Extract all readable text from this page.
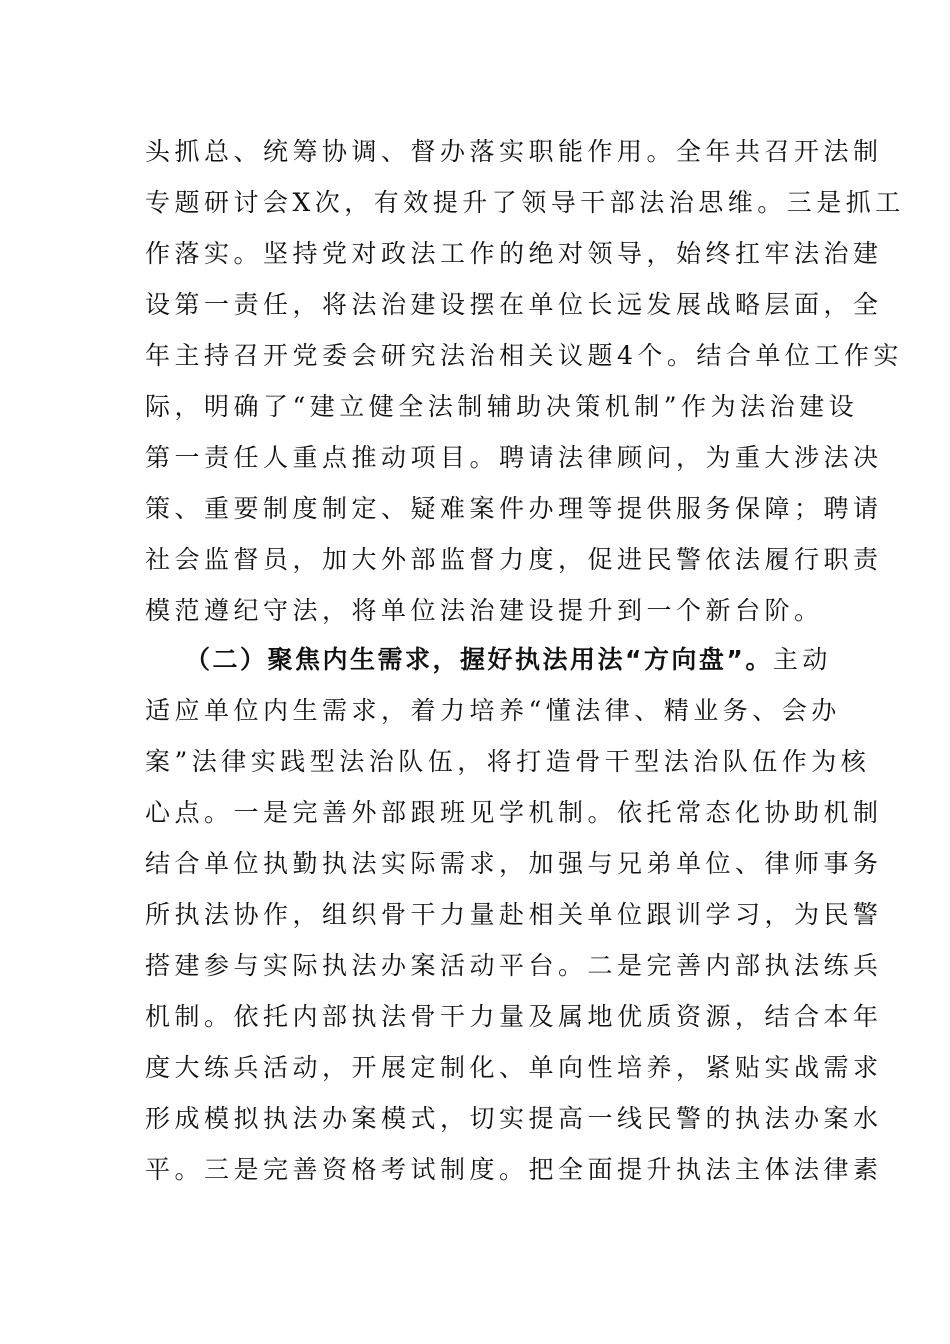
头抓总、统筹协调、督办落实职能作用。全年共召开法制
专题研讨会Ⅹ次，有效提升了领导干部法治思维。三是抓工
作落实。坚持党对政法工作的绝对领导，始终扛牢法治建
设第一责任，将法治建设摆在单位长远发展战略层面，全
年主持召开党委会研究法治相关议题4个。结合单位工作实
际，明确了“建立健全法制辅助决策机制”作为法治建设
第一责任人重点推动项目。聘请法律顾问，为重大涉法决
策、重要制度制定、疑难案件办理等提供服务保障；聘请
社会监督员，加大外部监督力度，促进民警依法履行职责
模范遵纪守法，将单位法治建设提升到一个新台阶。
（二）聚焦内生需求，握好执法用法“方向盘”。主动
适应单位内生需求，着力培养“懂法律、精业务、会办
案”法律实践型法治队伍，将打造骨干型法治队伍作为核
心点。一是完善外部跟班见学机制。依托常态化协助机制
结合单位执勤执法实际需求，加强与兄弟单位、律师事务
所执法协作，组织骨干力量赴相关单位跟训学习，为民警
搭建参与实际执法办案活动平台。二是完善内部执法练兵
机制。依托内部执法骨干力量及属地优质资源，结合本年
度大练兵活动，开展定制化、单向性培养，紧贴实战需求
形成模拟执法办案模式，切实提高一线民警的执法办案水
平。三是完善资格考试制度。把全面提升执法主体法律素
